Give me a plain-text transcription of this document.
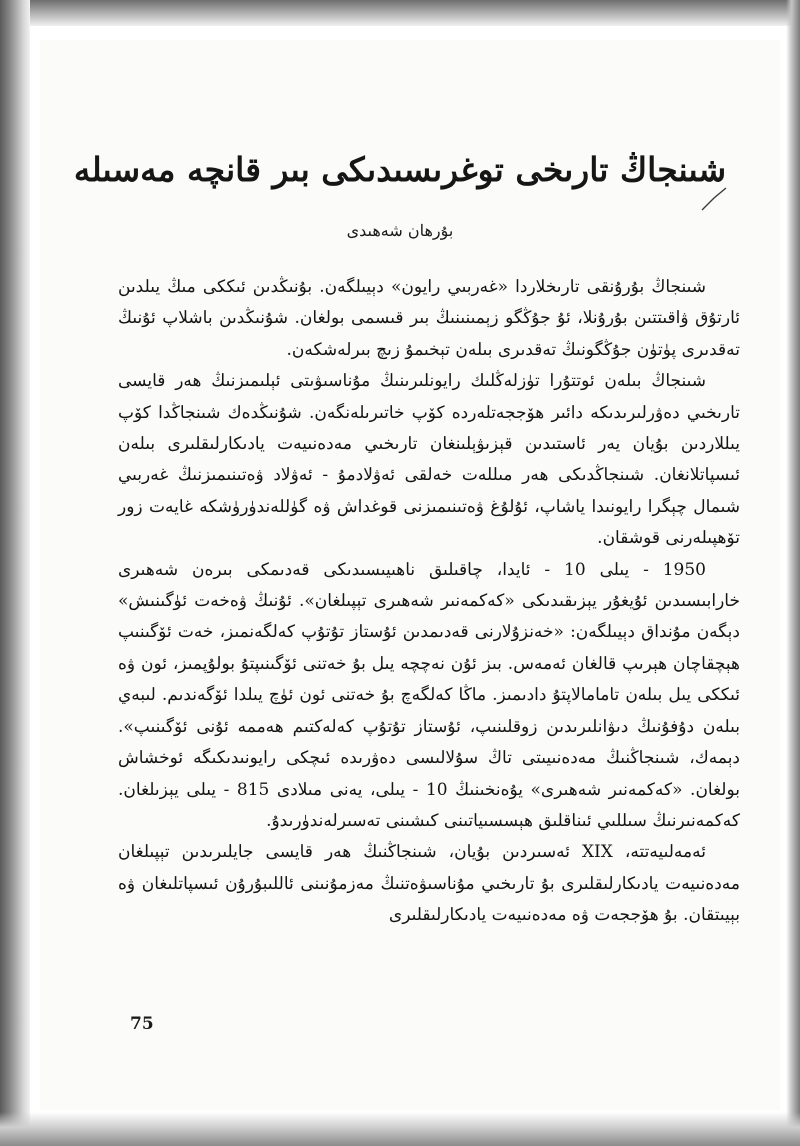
شىنجاڭ تارىخى توغرىسىدىكى بىر قانچە مەسىلە
بۇرھان شەھىدى

شىنجاڭ بۇرۇنقى تارىخلاردا «غەربىي رايون» دېيىلگەن. بۇنىڭدىن ئىككى مىڭ يىلدىن ئارتۇق ۋاقىتتىن بۇرۇنلا، ئۇ جۇڭگو زېمىنىنىڭ بىر قىسمى بولغان. شۇنىڭدىن باشلاپ ئۇنىڭ تەقدىرى پۈتۈن جۇڭگونىڭ تەقدىرى بىلەن تېخىمۇ زىچ بىرلەشكەن.

شىنجاڭ بىلەن ئوتتۇرا تۈزلەڭلىك رايونلىرىنىڭ مۇناسىۋىتى ئېلىمىزنىڭ ھەر قايسى تارىخىي دەۋرلىرىدىكە دائىر ھۆججەتلەردە كۆپ خاتىرىلەنگەن. شۇنىڭدەك شىنجاڭدا كۆپ يىللاردىن بۇيان يەر ئاستىدىن قېزىۋېلىنغان تارىخىي مەدەنىيەت يادىكارلىقلىرى بىلەن ئىسپاتلانغان. شىنجاڭدىكى ھەر مىللەت خەلقى ئەۋلادمۇ - ئەۋلاد ۋەتىنىمىزنىڭ غەربىي شىمال چېگرا رايونىدا ياشاپ، ئۇلۇغ ۋەتىنىمىزنى قوغداش ۋە گۈللەندۈرۈشكە غايەت زور تۆھپىلەرنى قوشقان.

1950 - يىلى 10 - ئايدا، چاقىلىق ناھىيىسىدىكى قەدىمكى بىرەن شەھىرى خارابىسىدىن ئۇيغۇر يېزىقىدىكى «كەكمەنىر شەھىرى تېپىلغان». ئۇنىڭ ۋەخەت ئۈگىنىش» دېگەن مۇنداق دېيىلگەن: «خەنزۇلارنى قەدىمدىن ئۇستاز تۇتۇپ كەلگەنمىز، خەت ئۆگىنىپ ھېچقاچان ھېرىپ قالغان ئەمەس. بىز ئۇن نەچچە يىل بۇ خەتنى ئۆگىنىپتۇ بولۇپمىز، ئون ۋە ئىككى يىل بىلەن تامامالاپتۇ دادىمىز. ماڭا كەلگەچ بۇ خەتنى ئون ئۈچ يىلدا ئۆگەندىم. لىبەي بىلەن دۇفۇنىڭ دىۋانلىرىدىن زوقلىنىپ، ئۇستاز تۇتۇپ كەلەكتىم ھەممە ئۇنى ئۆگىنىپ». دېمەك، شىنجاڭنىڭ مەدەنىيىتى تاڭ سۇلالىسى دەۋرىدە ئىچكى رايونىدىكىگە ئوخشاش بولغان. «كەكمەنىر شەھىرى» يۇەنخىنىڭ 10 - يىلى، يەنى مىلادى 815 - يىلى يېزىلغان. كەكمەنىرنىڭ سىللىي ئىناقلىق ھېسسىياتىنى كىشىنى تەسىرلەندۈرىدۇ.

ئەمەلىيەتتە، XIX ئەسىردىن بۇيان، شىنجاڭنىڭ ھەر قايسى جايلىرىدىن تېپىلغان مەدەنىيەت يادىكارلىقلىرى بۇ تارىخىي مۇناسىۋەتنىڭ مەزمۇنىنى ئاللىبۇرۇن ئىسپاتلىغان ۋە بېيىتقان. بۇ ھۆججەت ۋە مەدەنىيەت يادىكارلىقلىرى

75
